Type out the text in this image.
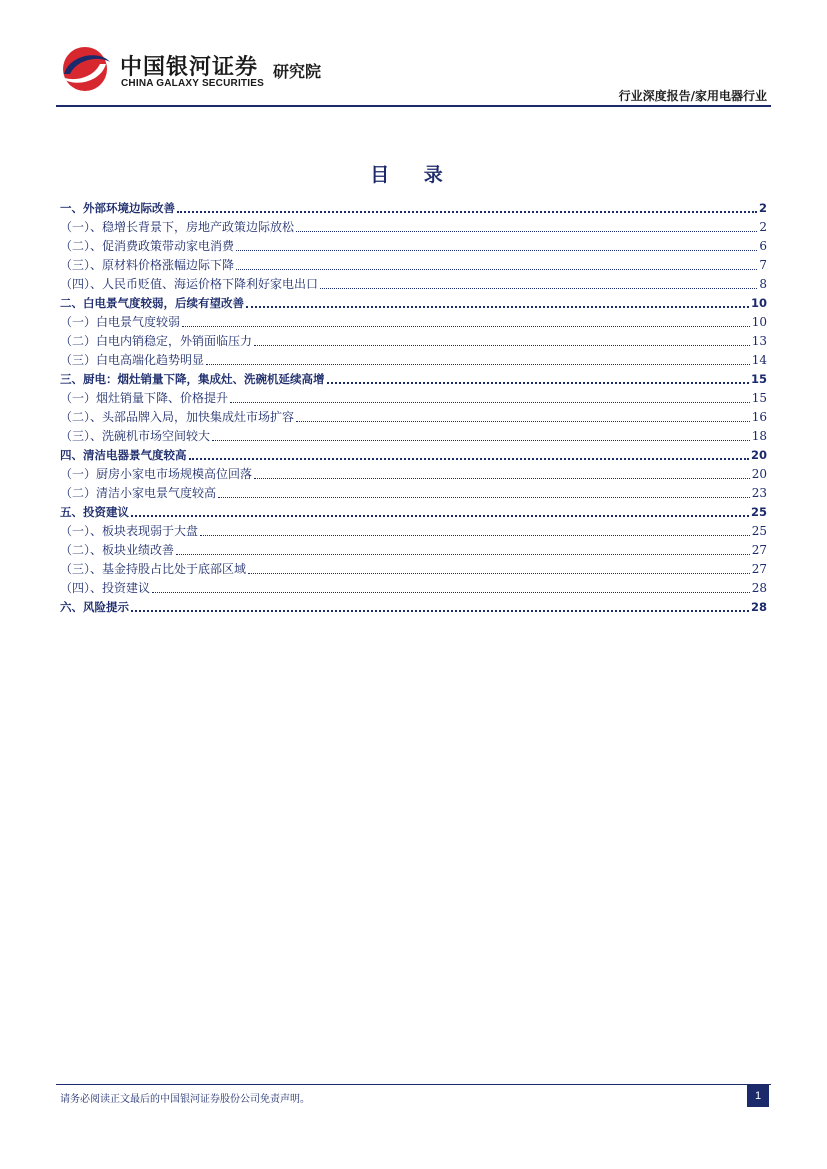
中国银河证券 研究院
CHINA GALAXY SECURITIES
行业深度报告/家用电器行业
目 录
一、外部环境边际改善	2
（一）、稳增长背景下，房地产政策边际放松	2
（二）、促消费政策带动家电消费	6
（三）、原材料价格涨幅边际下降	7
（四）、人民币贬值、海运价格下降利好家电出口	8
二、白电景气度较弱，后续有望改善	10
（一）白电景气度较弱	10
（二）白电内销稳定，外销面临压力	13
（三）白电高端化趋势明显	14
三、厨电：烟灶销量下降，集成灶、洗碗机延续高增	15
（一）烟灶销量下降、价格提升	15
（二）、头部品牌入局，加快集成灶市场扩容	16
（三）、洗碗机市场空间较大	18
四、清洁电器景气度较高	20
（一）厨房小家电市场规模高位回落	20
（二）清洁小家电景气度较高	23
五、投资建议	25
（一）、板块表现弱于大盘	25
（二）、板块业绩改善	27
（三）、基金持股占比处于底部区域	27
（四）、投资建议	28
六、风险提示	28
请务必阅读正文最后的中国银河证券股份公司免责声明。	1
